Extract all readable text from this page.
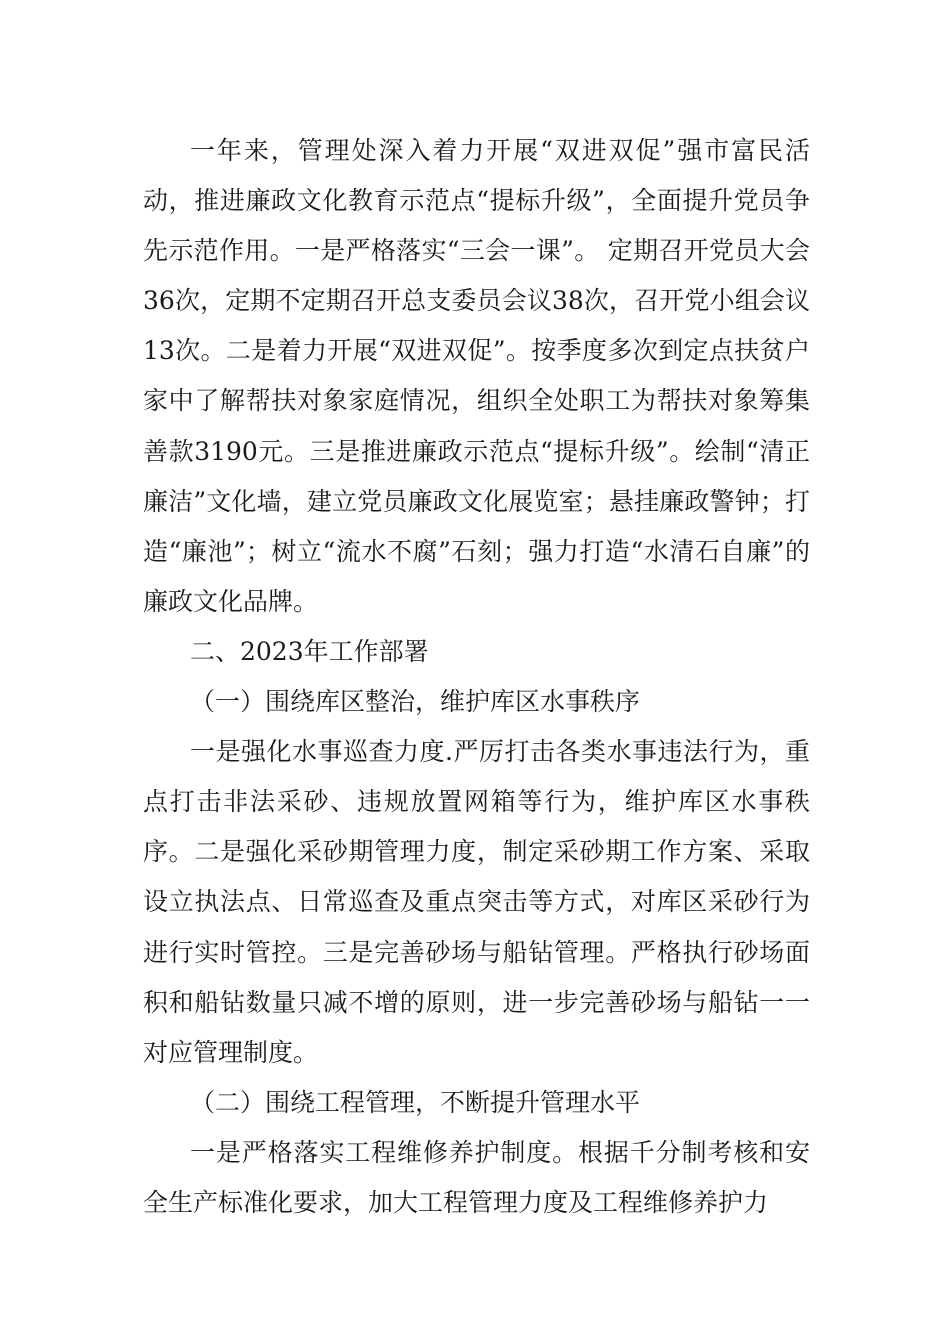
一年来，管理处深入着力开展“双进双促”强市富民活动，推进廉政文化教育示范点“提标升级”，全面提升党员争先示范作用。一是严格落实“三会一课”。 定期召开党员大会36次，定期不定期召开总支委员会议38次，召开党小组会议13次。二是着力开展“双进双促”。按季度多次到定点扶贫户家中了解帮扶对象家庭情况，组织全处职工为帮扶对象筹集善款3190元。三是推进廉政示范点“提标升级”。绘制“清正廉洁”文化墙，建立党员廉政文化展览室；悬挂廉政警钟；打造“廉池”；树立“流水不腐”石刻；强力打造“水清石自廉”的廉政文化品牌。

二、2023年工作部署

（一）围绕库区整治，维护库区水事秩序

一是强化水事巡查力度.严厉打击各类水事违法行为，重点打击非法采砂、违规放置网箱等行为，维护库区水事秩序。二是强化采砂期管理力度，制定采砂期工作方案、采取设立执法点、日常巡查及重点突击等方式，对库区采砂行为进行实时管控。三是完善砂场与船钻管理。严格执行砂场面积和船钻数量只减不增的原则，进一步完善砂场与船钻一一对应管理制度。

（二）围绕工程管理，不断提升管理水平

一是严格落实工程维修养护制度。根据千分制考核和安全生产标准化要求，加大工程管理力度及工程维修养护力
